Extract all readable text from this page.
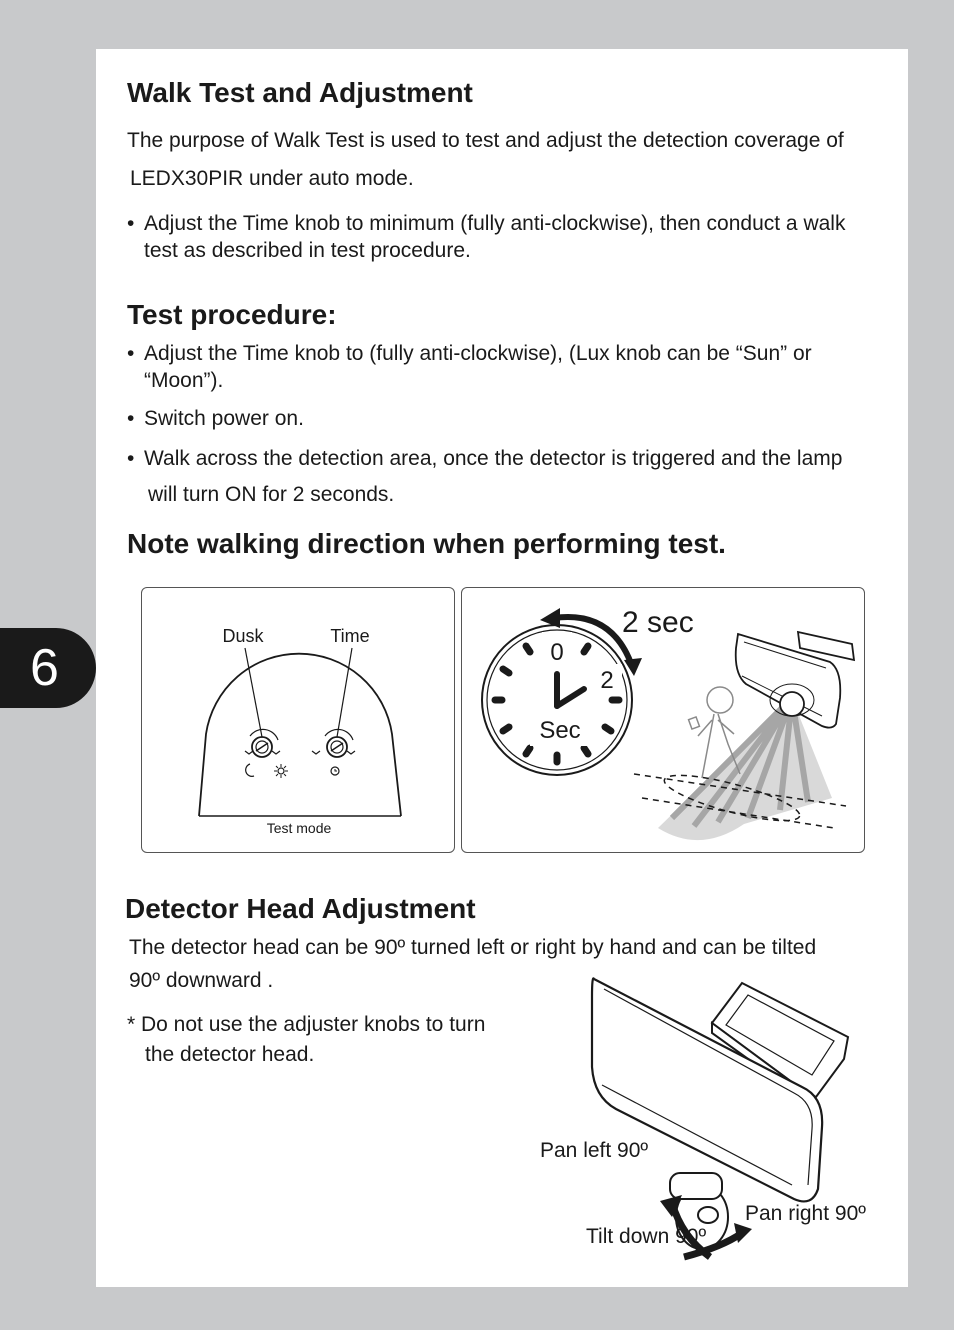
6
Walk Test and Adjustment
The purpose of Walk Test is used to test and adjust the detection coverage of
LEDX30PIR under auto mode.
• Adjust the Time knob to minimum (fully anti-clockwise), then conduct a walk test as described in test procedure.
Test procedure:
• Adjust the Time knob to (fully anti-clockwise), (Lux knob can be “Sun” or “Moon”).
• Switch power on.
• Walk across the detection area, once the detector is triggered and the lamp
will turn ON for 2 seconds.
Note walking direction when performing test.
Dusk	Time
Test mode
0
2
Sec
2 sec
Detector Head Adjustment
The detector head can be 90º turned left or right by hand and can be tilted
90º downward .
* Do not use the adjuster knobs to turn
the detector head.
Pan left 90º
Pan right 90º
Tilt down 90º
